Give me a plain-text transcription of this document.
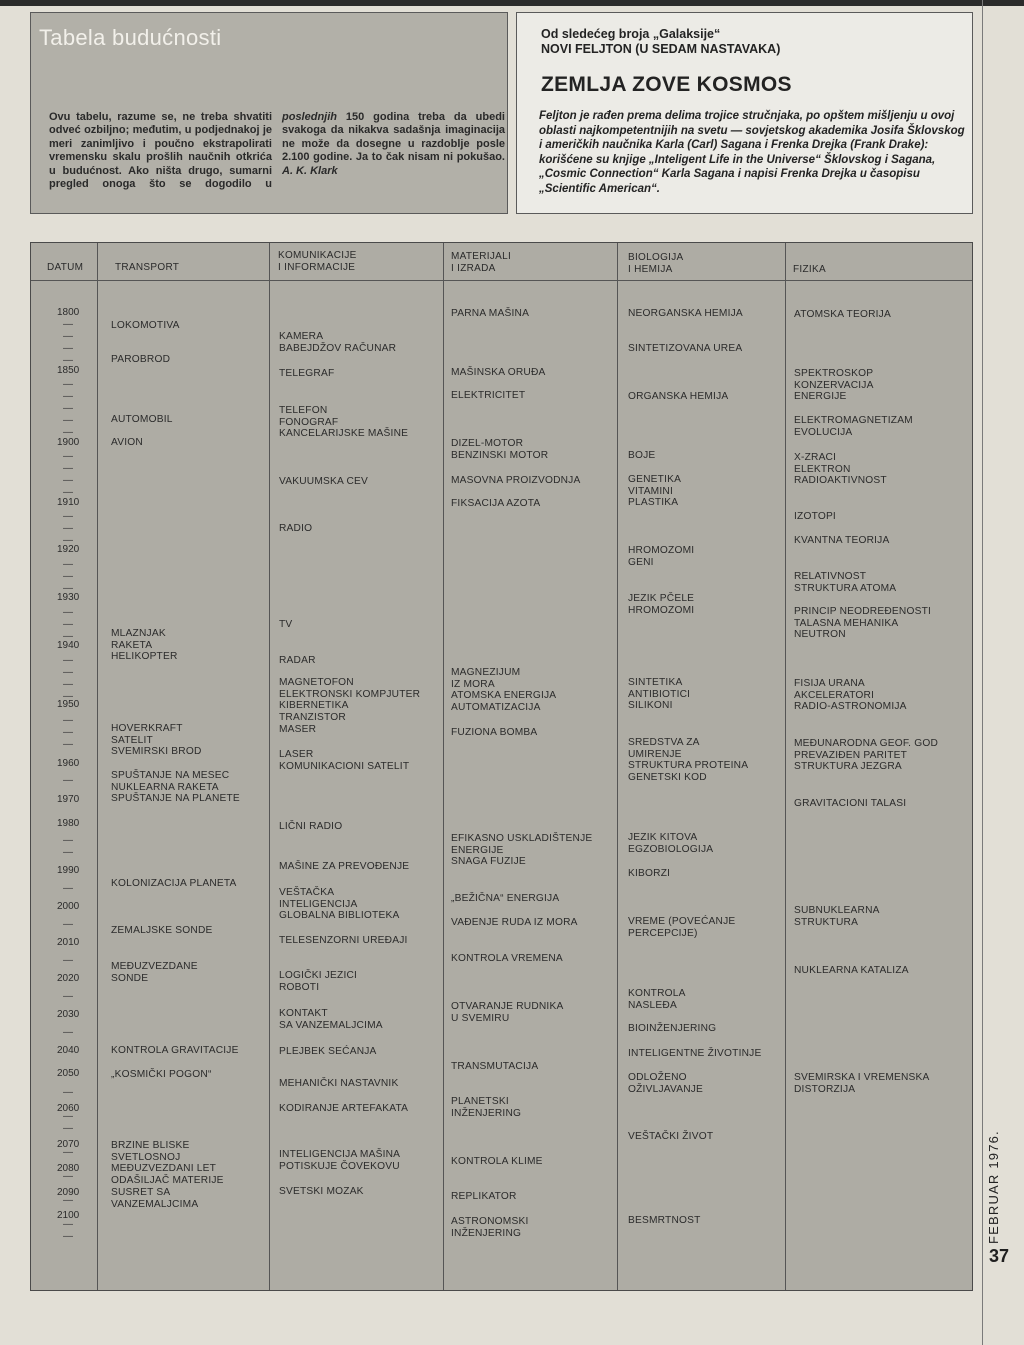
Tabela budućnosti
Ovu tabelu, razume se, ne treba shvatiti odveć ozbiljno; međutim, u podjednakoj je meri zanimljivo i poučno ekstrapolirati vremensku skalu prošlih naučnih otkrića u budućnost. Ako ništa drugo, sumarni pregled onoga što se dogodilo u poslednjih 150 godina treba da ubedi svakoga da nikakva sadašnja imaginacija ne može da dosegne u razdoblje posle 2.100 godine. Ja to čak nisam ni pokušao. A. K. Klark
Od sledećeg broja „Galaksije“
NOVI FELJTON (U SEDAM NASTAVAKA)
ZEMLJA ZOVE KOSMOS
Feljton je rađen prema delima trojice stručnjaka, po opštem mišljenju u ovoj oblasti najkompetentnijih na svetu — sovjetskog akademika Josifa Šklovskog i američkih naučnika Karla (Carl) Sagana i Frenka Drejka (Frank Drake): korišćene su knjige „Inteligent Life in the Universe“ Šklovskog i Sagana, „Cosmic Connection“ Karla Sagana i napisi Frenka Drejka u časopisu „Scientific American“.
DATUM	TRANSPORT
KOMUNIKACIJE
I INFORMACIJE
MATERIJALI
I IZRADA
BIOLOGIJA
I HEMIJA	FIZIKA
1800
1850
1900
1910
1920
1930
1940
1950
1960
1970
1980
1990
2000
2010
2020
2030
2040
2050
2060
2070
2080
2090
2100
—
—
—
—
—
—
—
—
—
—
—
—
—
—
—
—
—
—
—
—
—
—
—
—
—
—
—
—
—
—
—
—
—
—
—
—
—
—
—
—
—
—
—
—
—
LOKOMOTIVA
PAROBROD
AUTOMOBIL
AVION
MLAZNJAK
RAKETA
HELIKOPTER
HOVERKRAFT
SATELIT
SVEMIRSKI BROD
SPUŠTANJE NA MESEC
NUKLEARNA RAKETA
SPUŠTANJE NA PLANETE
KOLONIZACIJA PLANETA
ZEMALJSKE SONDE
MEĐUZVEZDANE
SONDE
KONTROLA GRAVITACIJE
„KOSMIČKI POGON“
BRZINE BLISKE
SVETLOSNOJ
MEĐUZVEZDANI LET
ODAŠILJAČ MATERIJE
SUSRET SA
VANZEMALJCIMA
KAMERA
BABEJDŽOV RAČUNAR
TELEGRAF
TELEFON
FONOGRAF
KANCELARIJSKE MAŠINE
VAKUUMSKA CEV
RADIO
TV
RADAR
MAGNETOFON
ELEKTRONSKI KOMPJUTER
KIBERNETIKA
TRANZISTOR
MASER
LASER
KOMUNIKACIONI SATELIT
LIČNI RADIO
MAŠINE ZA PREVOĐENJE
VEŠTAČKA
INTELIGENCIJA
GLOBALNA BIBLIOTEKA
TELESENZORNI UREĐAJI
LOGIČKI JEZICI
ROBOTI
KONTAKT
SA VANZEMALJCIMA
PLEJBEK SEĆANJA
MEHANIČKI NASTAVNIK
KODIRANJE ARTEFAKATA
INTELIGENCIJA MAŠINA
POTISKUJE ČOVEKOVU
SVETSKI MOZAK
PARNA MAŠINA
MAŠINSKA ORUĐA
ELEKTRICITET
DIZEL-MOTOR
BENZINSKI MOTOR
MASOVNA PROIZVODNJA
FIKSACIJA AZOTA
MAGNEZIJUM
IZ MORA
ATOMSKA ENERGIJA
AUTOMATIZACIJA
FUZIONA BOMBA
EFIKASNO USKLADIŠTENJE
ENERGIJE
SNAGA FUZIJE
„BEŽIČNA“ ENERGIJA
VAĐENJE RUDA IZ MORA
KONTROLA VREMENA
OTVARANJE RUDNIKA
U SVEMIRU
TRANSMUTACIJA
PLANETSKI
INŽENJERING
KONTROLA KLIME
REPLIKATOR
ASTRONOMSKI
INŽENJERING
NEORGANSKA HEMIJA
SINTETIZOVANA UREA
ORGANSKA HEMIJA
BOJE
GENETIKA
VITAMINI
PLASTIKA
HROMOZOMI
GENI
JEZIK PČELE
HROMOZOMI
SINTETIKA
ANTIBIOTICI
SILIKONI
SREDSTVA ZA
UMIRENJE
STRUKTURA PROTEINA
GENETSKI KOD
JEZIK KITOVA
EGZOBIOLOGIJA
KIBORZI
VREME (POVEĆANJE
PERCEPCIJE)
KONTROLA
NASLEĐA
BIOINŽENJERING
INTELIGENTNE ŽIVOTINJE
ODLOŽENO
OŽIVLJAVANJE
VEŠTAČKI ŽIVOT
BESMRTNOST
ATOMSKA TEORIJA
SPEKTROSKOP
KONZERVACIJA
ENERGIJE
ELEKTROMAGNETIZAM
EVOLUCIJA
X-ZRACI
ELEKTRON
RADIOAKTIVNOST
IZOTOPI
KVANTNA TEORIJA
RELATIVNOST
STRUKTURA ATOMA
PRINCIP NEODREĐENOSTI
TALASNA MEHANIKA
NEUTRON
FISIJA URANA
AKCELERATORI
RADIO-ASTRONOMIJA
MEĐUNARODNA GEOF. GOD
PREVAZIĐEN PARITET
STRUKTURA JEZGRA
GRAVITACIONI TALASI
SUBNUKLEARNA
STRUKTURA
NUKLEARNA KATALIZA
SVEMIRSKA I VREMENSKA
DISTORZIJA
FEBRUAR 1976.
37
